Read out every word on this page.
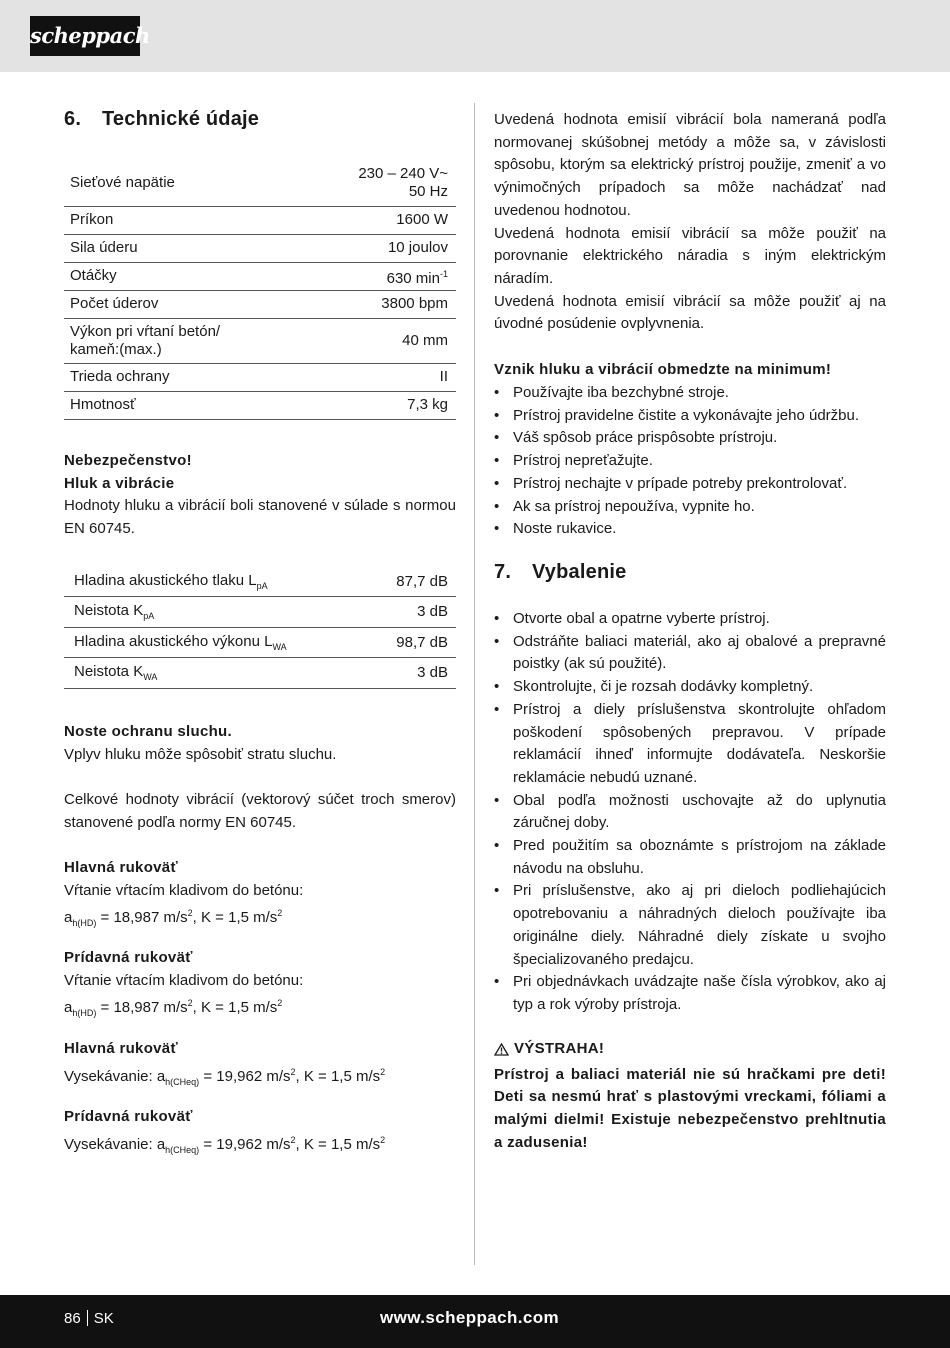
scheppach
6. Technické údaje
Sieťové napätie	230 – 240 V~
50 Hz

Príkon	1600 W
Sila úderu	10 joulov
Otáčky	630 $\min^{-1}$
Počet úderov	3800 bpm

Výkon pri vŕtaní betón/
kameň:(max.)	40 mm
Trieda ochrany	II
Hmotnosť	7,3 kg
Nebezpečenstvo!
Hluk a vibrácie
Hodnoty hluku a vibrácií boli stanovené v súlade s normou EN 60745.
Hladina akustického tlaku $L_{pA}$	87,7 dB
Neistota $K_{pA}$	3 dB
Hladina akustického výkonu $L_{WA}$	98,7 dB
Neistota $K_{WA}$	3 dB
Noste ochranu sluchu.
Vplyv hluku môže spôsobiť stratu sluchu.
Celkové hodnoty vibrácií (vektorový súčet troch smerov) stanovené podľa normy EN 60745.
Hlavná rukoväť
Vŕtanie vŕtacím kladivom do betónu:
$a_{h(HD)} = 18,987$ $m/s^2$, K = 1,5 $m/s^2$
Prídavná rukoväť
Vŕtanie vŕtacím kladivom do betónu:
$a_{h(HD)} = 18,987$ $m/s^2$, K = 1,5 $m/s^2$
Hlavná rukoväť
Vysekávanie: $a_{h(CHeq)} = 19,962$ $m/s^2$, K = 1,5 $m/s^2$
Prídavná rukoväť
Vysekávanie: $a_{h(CHeq)} = 19,962$ $m/s^2$, K = 1,5 $m/s^2$
Uvedená hodnota emisií vibrácií bola nameraná podľa normovanej skúšobnej metódy a môže sa, v závislosti spôsobu, ktorým sa elektrický prístroj použije, zmeniť a vo výnimočných prípadoch sa môže nachádzať nad uvedenou hodnotou.
Uvedená hodnota emisií vibrácií sa môže použiť na porovnanie elektrického náradia s iným elektrickým náradím.
Uvedená hodnota emisií vibrácií sa môže použiť aj na úvodné posúdenie ovplyvnenia.
Vznik hluku a vibrácií obmedzte na minimum!
• Používajte iba bezchybné stroje.
• Prístroj pravidelne čistite a vykonávajte jeho údržbu.
• Váš spôsob práce prispôsobte prístroju.
• Prístroj nepreťažujte.
• Prístroj nechajte v prípade potreby prekontrolovať.
• Ak sa prístroj nepoužíva, vypnite ho.
• Noste rukavice.
7. Vybalenie
• Otvorte obal a opatrne vyberte prístroj.
• Odstráňte baliaci materiál, ako aj obalové a prepravné poistky (ak sú použité).
• Skontrolujte, či je rozsah dodávky kompletný.
• Prístroj a diely príslušenstva skontrolujte ohľadom poškodení spôsobených prepravou. V prípade reklamácií ihneď informujte dodávateľa. Neskoršie reklamácie nebudú uznané.
• Obal podľa možnosti uschovajte až do uplynutia záručnej doby.
• Pred použitím sa oboznámte s prístrojom na základe návodu na obsluhu.
• Pri príslušenstve, ako aj pri dieloch podliehajúcich opotrebovaniu a náhradných dieloch používajte iba originálne diely. Náhradné diely získate u svojho špecializovaného predajcu.
• Pri objednávkach uvádzajte naše čísla výrobkov, ako aj typ a rok výroby prístroja.
VÝSTRAHA!
Prístroj a baliaci materiál nie sú hračkami pre deti! Deti sa nesmú hrať s plastovými vreckami, fóliami a malými dielmi! Existuje nebezpečenstvo prehltnutia a zadusenia!
86 SK	www.scheppach.com
